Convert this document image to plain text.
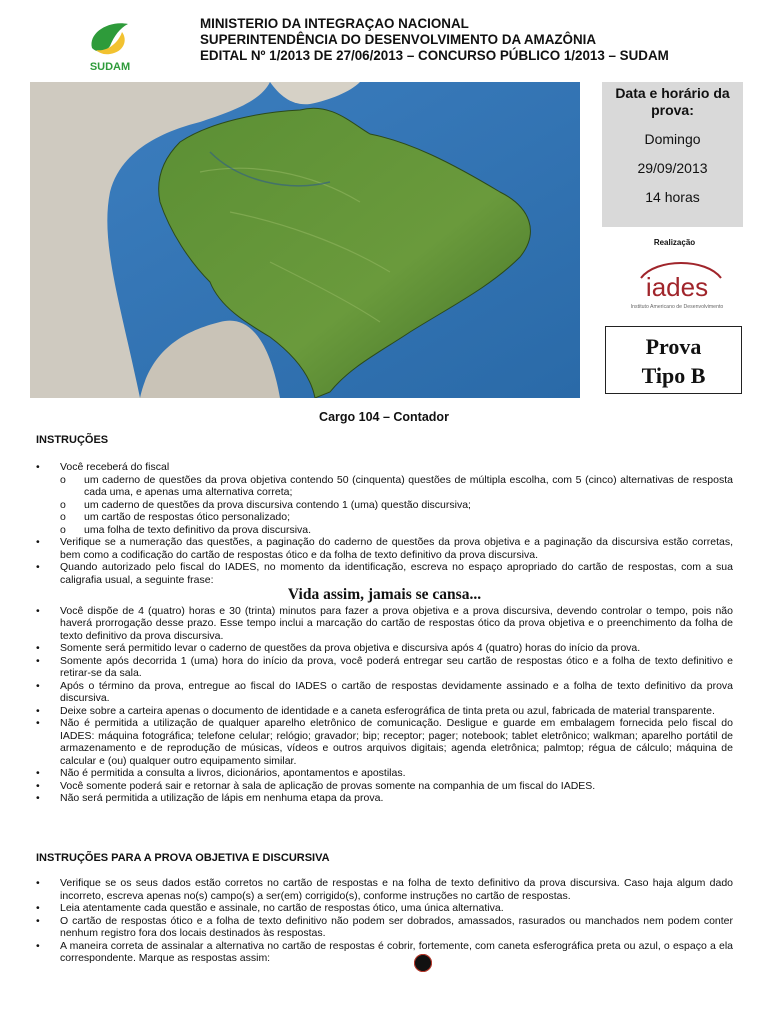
SUDAM
MINISTERIO DA INTEGRAÇAO NACIONAL
SUPERINTENDÊNCIA DO DESENVOLVIMENTO DA AMAZÔNIA
EDITAL Nº 1/2013 DE 27/06/2013 – CONCURSO PÚBLICO 1/2013 – SUDAM
Data e horário da prova:
Domingo
29/09/2013
14 horas
Realização
iades
Instituto Americano de Desenvolvimento
Prova
Tipo B
Cargo 104 – Contador
INSTRUÇÕES
• Você receberá do fiscal
o um caderno de questões da prova objetiva contendo 50 (cinquenta) questões de múltipla escolha, com 5 (cinco) alternativas de resposta cada uma, e apenas uma alternativa correta;
o um caderno de questões da prova discursiva contendo 1 (uma) questão discursiva;
o um cartão de respostas ótico personalizado;
o uma folha de texto definitivo da prova discursiva.
• Verifique se a numeração das questões, a paginação do caderno de questões da prova objetiva e a paginação da discursiva estão corretas, bem como a codificação do cartão de respostas ótico e da folha de texto definitivo da prova discursiva.
• Quando autorizado pelo fiscal do IADES, no momento da identificação, escreva no espaço apropriado do cartão de respostas, com a sua caligrafia usual, a seguinte frase:
Vida assim, jamais se cansa...
• Você dispõe de 4 (quatro) horas e 30 (trinta) minutos para fazer a prova objetiva e a prova discursiva, devendo controlar o tempo, pois não haverá prorrogação desse prazo. Esse tempo inclui a marcação do cartão de respostas ótico da prova objetiva e o preenchimento da folha de texto definitivo da prova discursiva.
• Somente será permitido levar o caderno de questões da prova objetiva e discursiva após 4 (quatro) horas do início da prova.
• Somente após decorrida 1 (uma) hora do início da prova, você poderá entregar seu cartão de respostas ótico e a folha de texto definitivo e retirar-se da sala.
• Após o término da prova, entregue ao fiscal do IADES o cartão de respostas devidamente assinado e a folha de texto definitivo da prova discursiva.
• Deixe sobre a carteira apenas o documento de identidade e a caneta esferográfica de tinta preta ou azul, fabricada de material transparente.
• Não é permitida a utilização de qualquer aparelho eletrônico de comunicação. Desligue e guarde em embalagem fornecida pelo fiscal do IADES: máquina fotográfica; telefone celular; relógio; gravador; bip; receptor; pager; notebook; tablet eletrônico; walkman; aparelho portátil de armazenamento e de reprodução de músicas, vídeos e outros arquivos digitais; agenda eletrônica; palmtop; régua de cálculo; máquina de calcular e (ou) qualquer outro equipamento similar.
• Não é permitida a consulta a livros, dicionários, apontamentos e apostilas.
• Você somente poderá sair e retornar à sala de aplicação de provas somente na companhia de um fiscal do IADES.
• Não será permitida a utilização de lápis em nenhuma etapa da prova.
INSTRUÇÕES PARA A PROVA OBJETIVA E DISCURSIVA
• Verifique se os seus dados estão corretos no cartão de respostas e na folha de texto definitivo da prova discursiva. Caso haja algum dado incorreto, escreva apenas no(s) campo(s) a ser(em) corrigido(s), conforme instruções no cartão de respostas.
• Leia atentamente cada questão e assinale, no cartão de respostas ótico, uma única alternativa.
• O cartão de respostas ótico e a folha de texto definitivo não podem ser dobrados, amassados, rasurados ou manchados nem podem conter nenhum registro fora dos locais destinados às respostas.
• A maneira correta de assinalar a alternativa no cartão de respostas é cobrir, fortemente, com caneta esferográfica preta ou azul, o espaço a ela correspondente. Marque as respostas assim:
